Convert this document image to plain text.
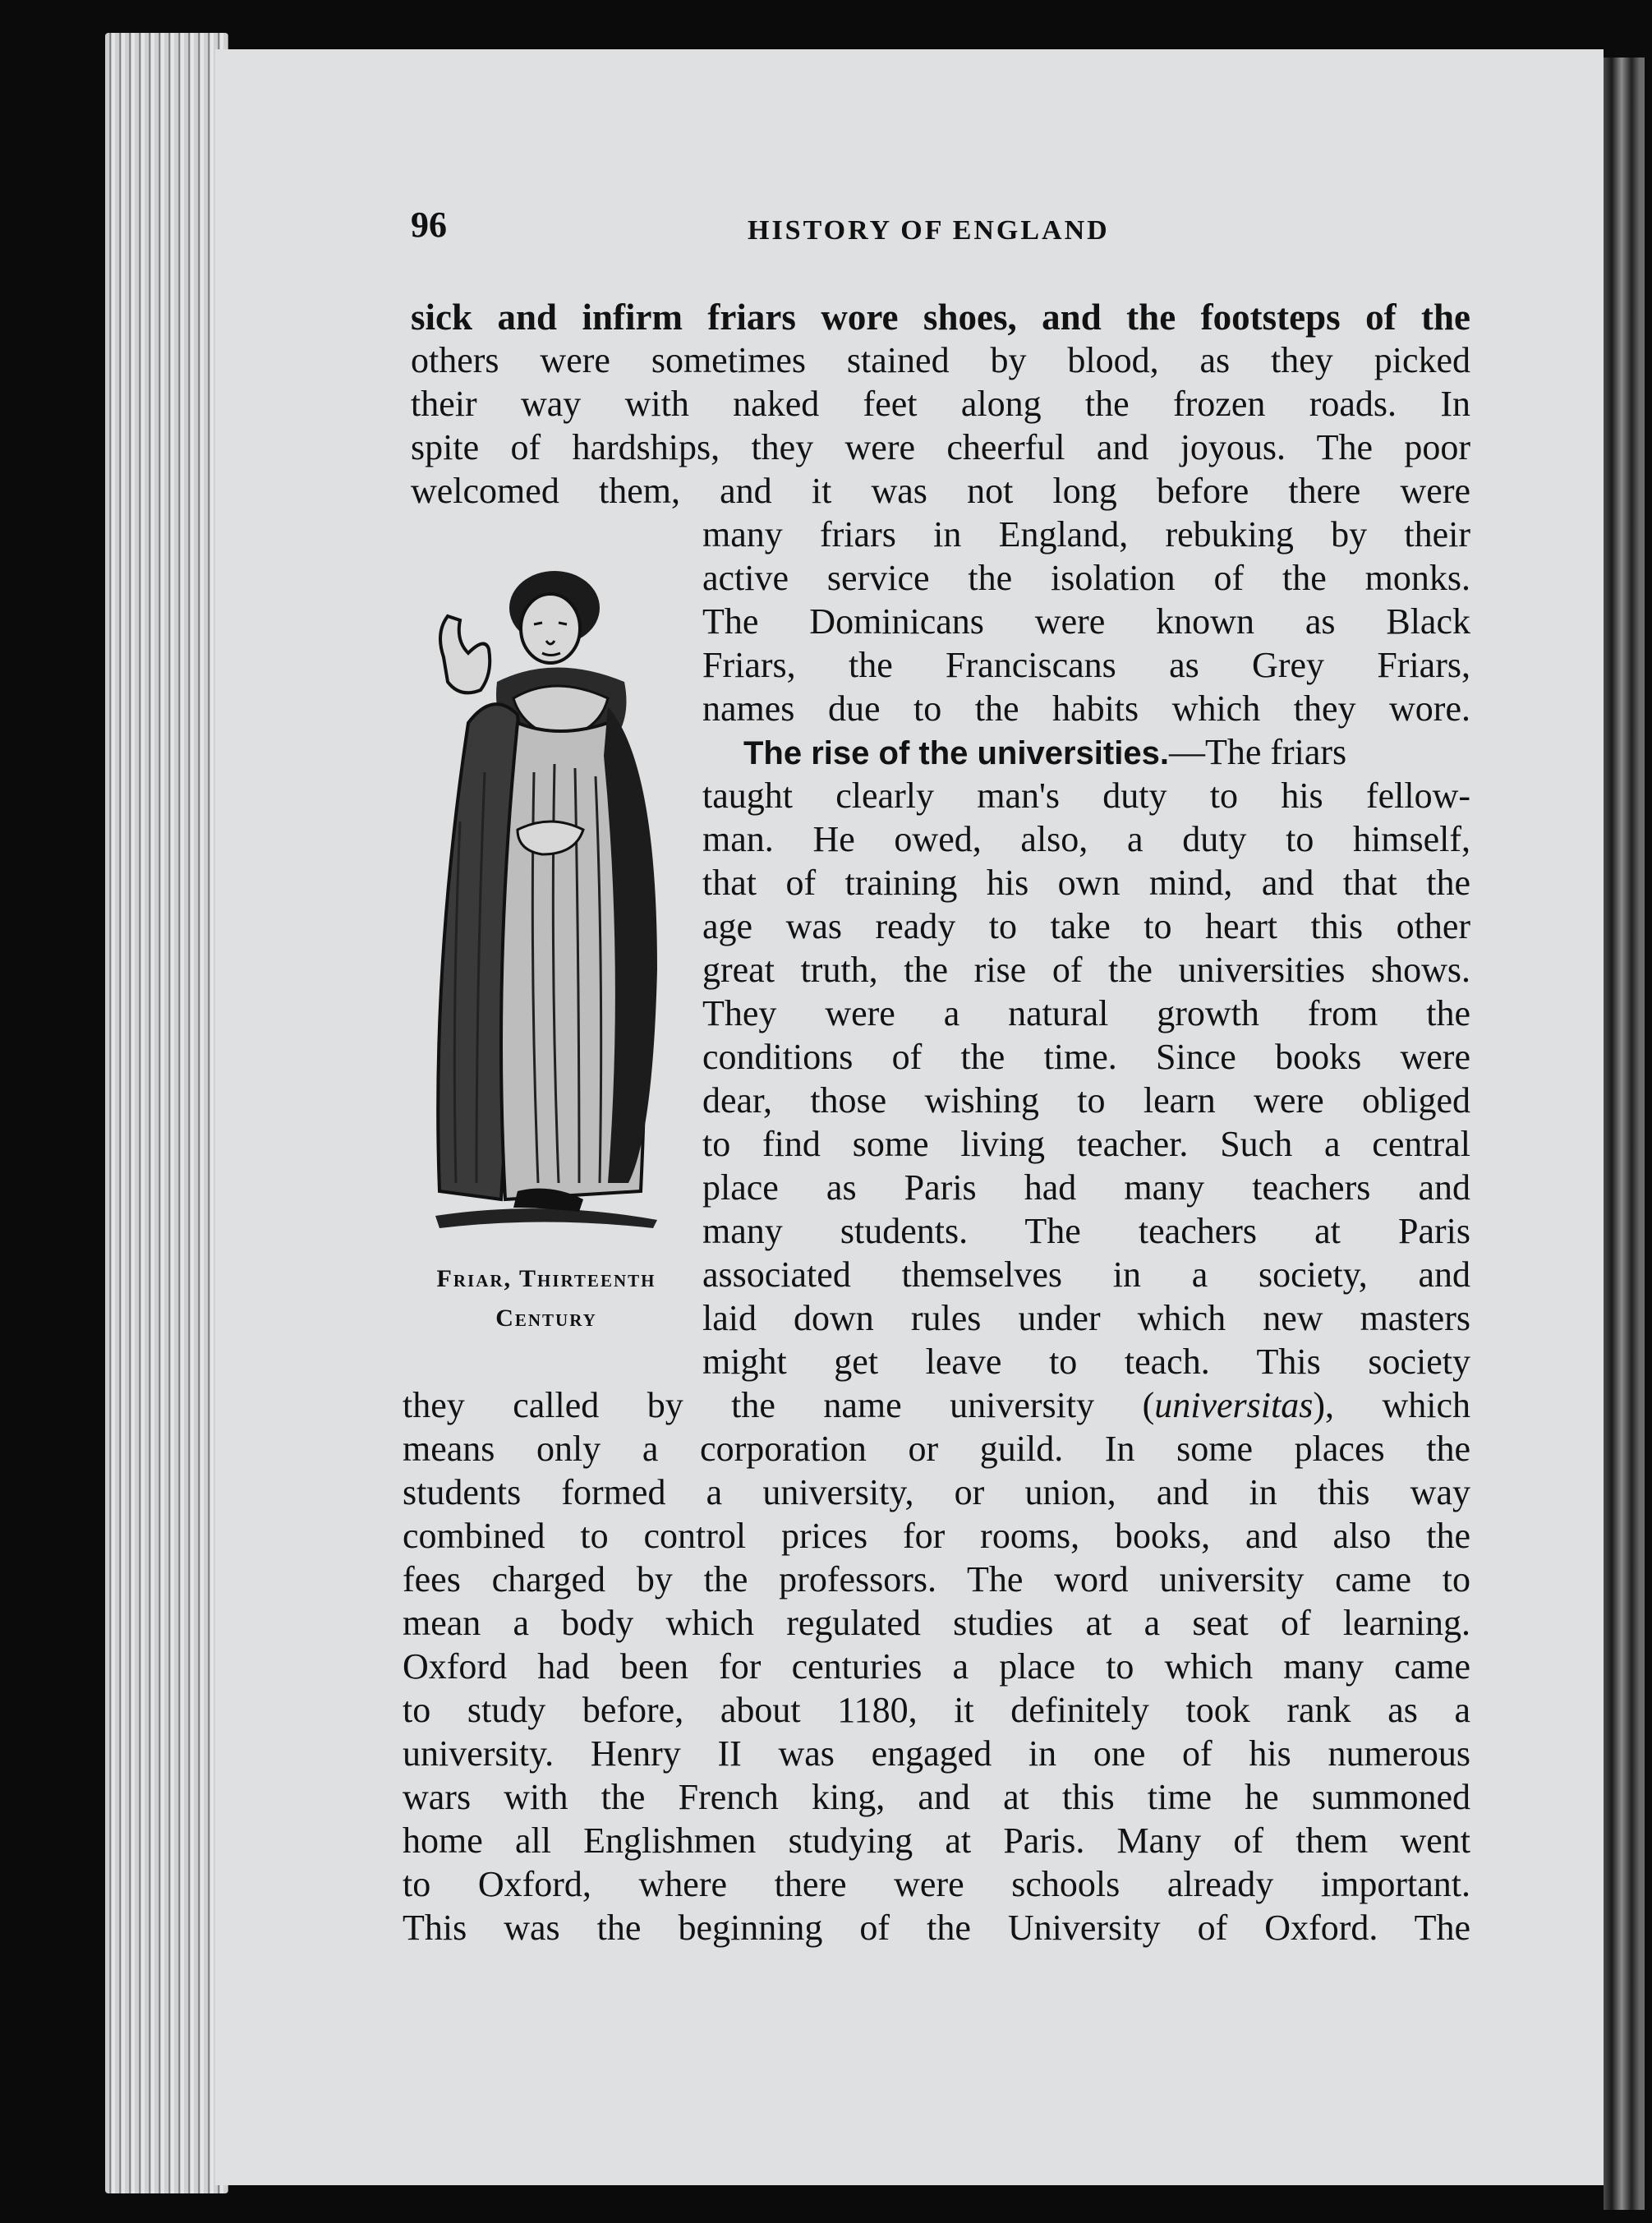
96	HISTORY OF ENGLAND
sick and infirm friars wore shoes, and the footsteps of the
others were sometimes stained by blood, as they picked
their way with naked feet along the frozen roads. In
spite of hardships, they were cheerful and joyous. The poor
welcomed them, and it was not long before there were
many friars in England, rebuking by their
active service the isolation of the monks.
The Dominicans were known as Black
Friars, the Franciscans as Grey Friars,
names due to the habits which they wore.
The rise of the universities.—The friars
taught clearly man's duty to his fellow-
man. He owed, also, a duty to himself,
that of training his own mind, and that the
age was ready to take to heart this other
great truth, the rise of the universities shows.
They were a natural growth from the
conditions of the time. Since books were
dear, those wishing to learn were obliged
to find some living teacher. Such a central
place as Paris had many teachers and
many students. The teachers at Paris
associated themselves in a society, and
laid down rules under which new masters
might get leave to teach. This society
they called by the name university (universitas), which
means only a corporation or guild. In some places the
students formed a university, or union, and in this way
combined to control prices for rooms, books, and also the
fees charged by the professors. The word university came to
mean a body which regulated studies at a seat of learning.
Oxford had been for centuries a place to which many came
to study before, about 1180, it definitely took rank as a
university. Henry II was engaged in one of his numerous
wars with the French king, and at this time he summoned
home all Englishmen studying at Paris. Many of them went
to Oxford, where there were schools already important.
This was the beginning of the University of Oxford. The
Friar, Thirteenth
Century
